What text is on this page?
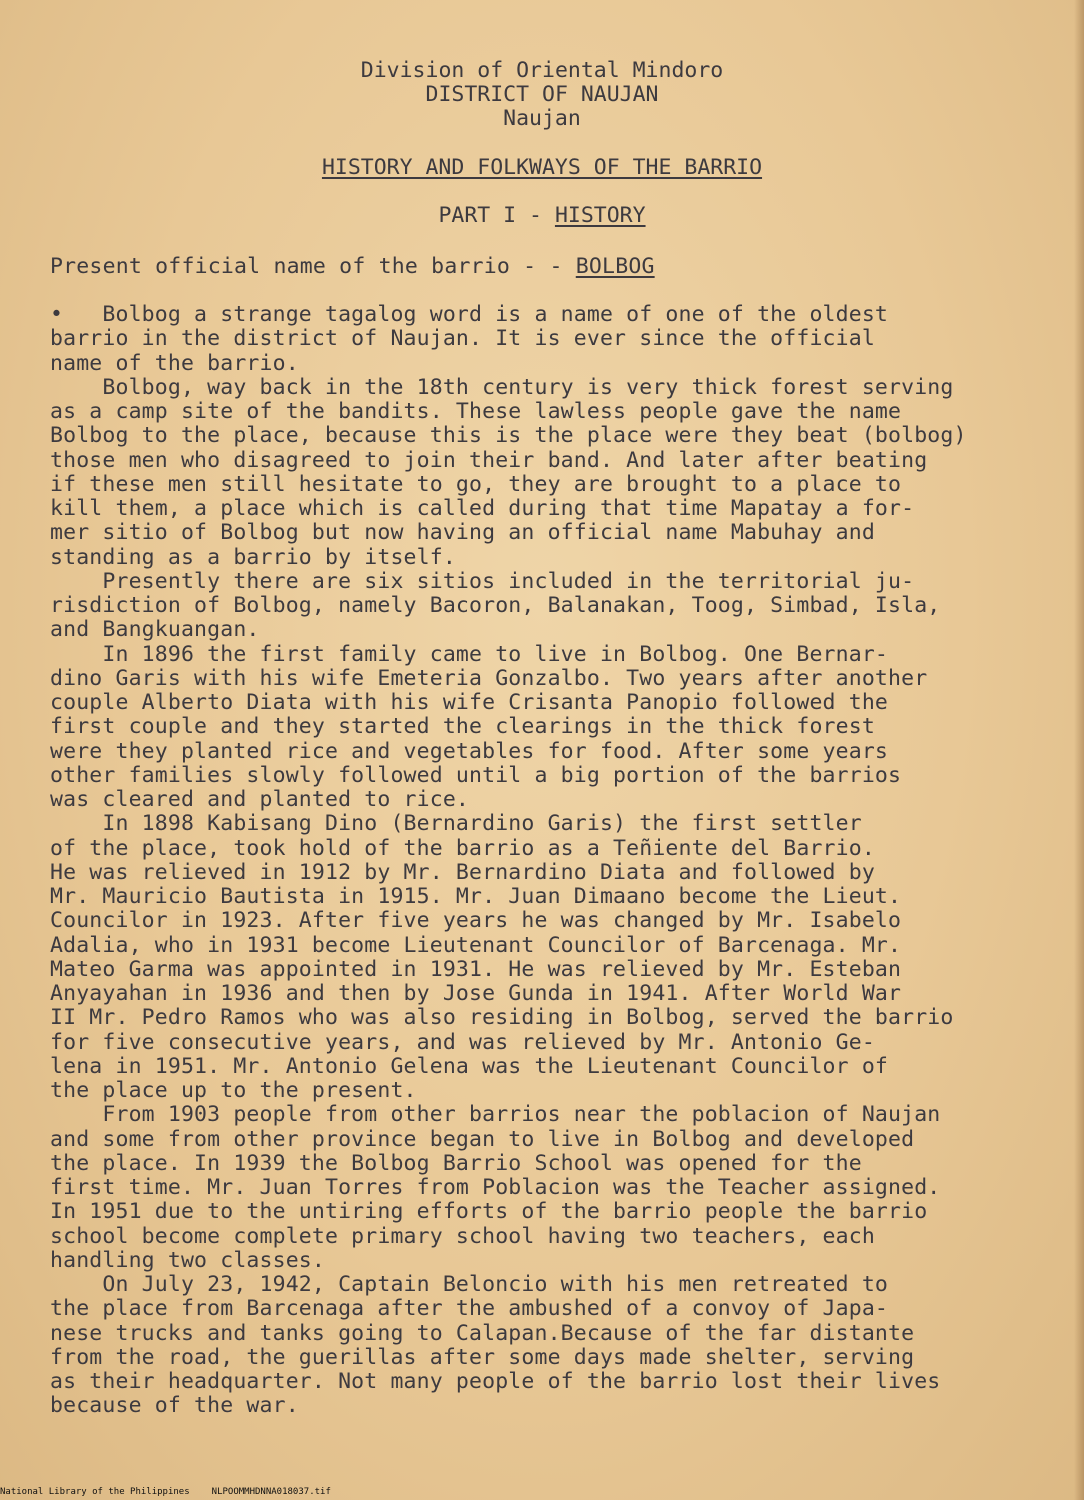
Division of Oriental Mindoro

DISTRICT OF NAUJAN

Naujan

HISTORY AND FOLKWAYS OF THE BARRIO

PART I - HISTORY

Present official name of the barrio - - BOLBOG

•   Bolbog a strange tagalog word is a name of one of the oldest
barrio in the district of Naujan. It is ever since the official
name of the barrio.
Bolbog, way back in the 18th century is very thick forest serving
as a camp site of the bandits. These lawless people gave the name
Bolbog to the place, because this is the place were they beat (bolbog)
those men who disagreed to join their band. And later after beating
if these men still hesitate to go, they are brought to a place to
kill them, a place which is called during that time Mapatay a for-
mer sitio of Bolbog but now having an official name Mabuhay and
standing as a barrio by itself.
Presently there are six sitios included in the territorial ju-
risdiction of Bolbog, namely Bacoron, Balanakan, Toog, Simbad, Isla,
and Bangkuangan.
In 1896 the first family came to live in Bolbog. One Bernar-
dino Garis with his wife Emeteria Gonzalbo. Two years after another
couple Alberto Diata with his wife Crisanta Panopio followed the
first couple and they started the clearings in the thick forest
were they planted rice and vegetables for food. After some years
other families slowly followed until a big portion of the barrios
was cleared and planted to rice.
In 1898 Kabisang Dino (Bernardino Garis) the first settler
of the place, took hold of the barrio as a Teñiente del Barrio.
He was relieved in 1912 by Mr. Bernardino Diata and followed by
Mr. Mauricio Bautista in 1915. Mr. Juan Dimaano become the Lieut.
Councilor in 1923. After five years he was changed by Mr. Isabelo
Adalia, who in 1931 become Lieutenant Councilor of Barcenaga. Mr.
Mateo Garma was appointed in 1931. He was relieved by Mr. Esteban
Anyayahan in 1936 and then by Jose Gunda in 1941. After World War
II Mr. Pedro Ramos who was also residing in Bolbog, served the barrio
for five consecutive years, and was relieved by Mr. Antonio Ge-
lena in 1951. Mr. Antonio Gelena was the Lieutenant Councilor of
the place up to the present.
From 1903 people from other barrios near the poblacion of Naujan
and some from other province began to live in Bolbog and developed
the place. In 1939 the Bolbog Barrio School was opened for the
first time. Mr. Juan Torres from Poblacion was the Teacher assigned.
In 1951 due to the untiring efforts of the barrio people the barrio
school become complete primary school having two teachers, each
handling two classes.
On July 23, 1942, Captain Beloncio with his men retreated to
the place from Barcenaga after the ambushed of a convoy of Japa-
nese trucks and tanks going to Calapan.Because of the far distante
from the road, the guerillas after some days made shelter, serving
as their headquarter. Not many people of the barrio lost their lives
because of the war.
National Library of the Philippines NLPOOMMHDNNA018037.tif
